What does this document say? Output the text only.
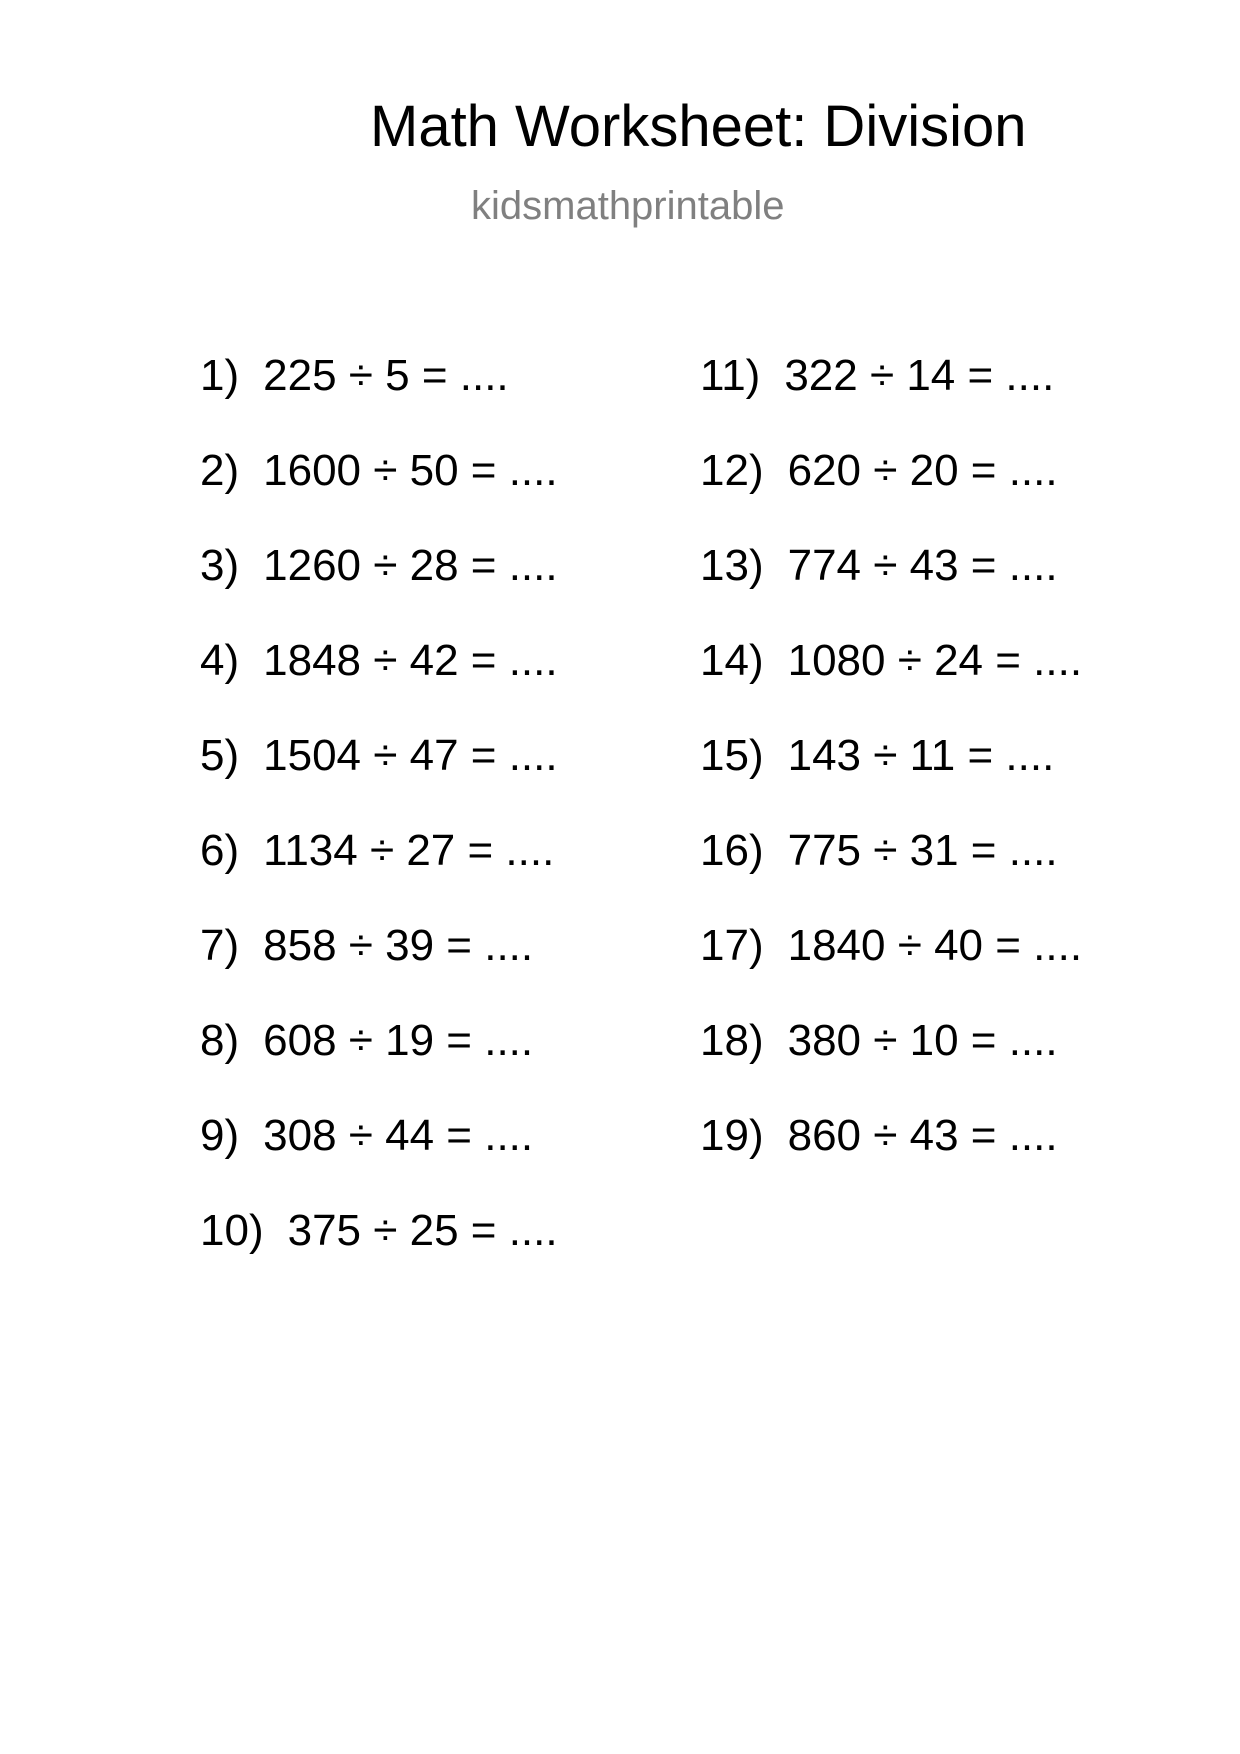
Math Worksheet: Division
kidsmathprintable
1) 225 ÷ 5 = ....
2) 1600 ÷ 50 = ....
3) 1260 ÷ 28 = ....
4) 1848 ÷ 42 = ....
5) 1504 ÷ 47 = ....
6) 1134 ÷ 27 = ....
7) 858 ÷ 39 = ....
8) 608 ÷ 19 = ....
9) 308 ÷ 44 = ....
10) 375 ÷ 25 = ....
11) 322 ÷ 14 = ....
12) 620 ÷ 20 = ....
13) 774 ÷ 43 = ....
14) 1080 ÷ 24 = ....
15) 143 ÷ 11 = ....
16) 775 ÷ 31 = ....
17) 1840 ÷ 40 = ....
18) 380 ÷ 10 = ....
19) 860 ÷ 43 = ....
